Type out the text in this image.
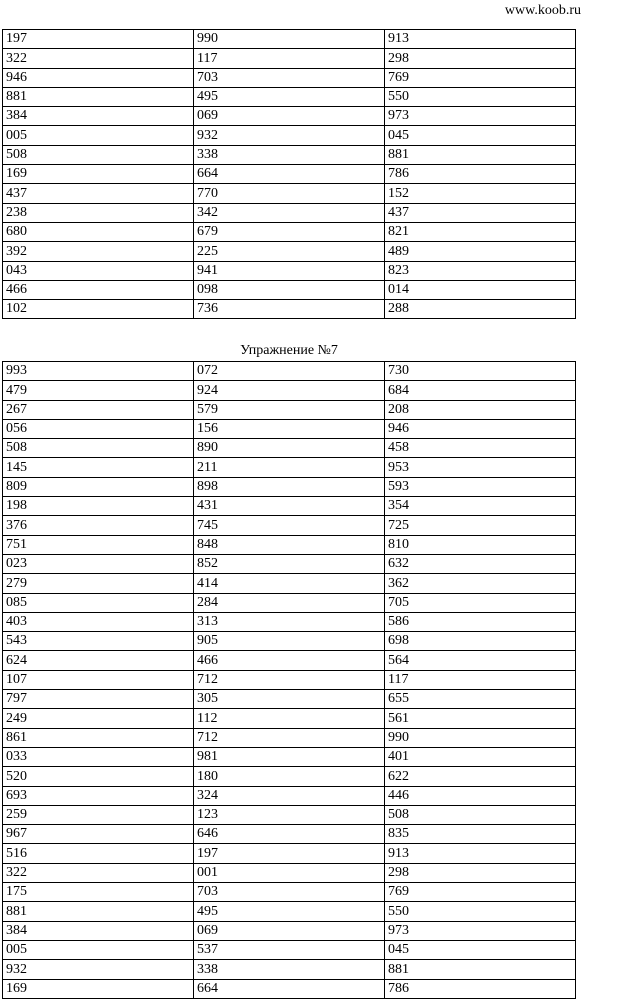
www.koob.ru
197	990	913
322	117	298
946	703	769
881	495	550
384	069	973
005	932	045
508	338	881
169	664	786
437	770	152
238	342	437
680	679	821
392	225	489
043	941	823
466	098	014
102	736	288
Упражнение №7
993	072	730
479	924	684
267	579	208
056	156	946
508	890	458
145	211	953
809	898	593
198	431	354
376	745	725
751	848	810
023	852	632
279	414	362
085	284	705
403	313	586
543	905	698
624	466	564
107	712	117
797	305	655
249	112	561
861	712	990
033	981	401
520	180	622
693	324	446
259	123	508
967	646	835
516	197	913
322	001	298
175	703	769
881	495	550
384	069	973
005	537	045
932	338	881
169	664	786
